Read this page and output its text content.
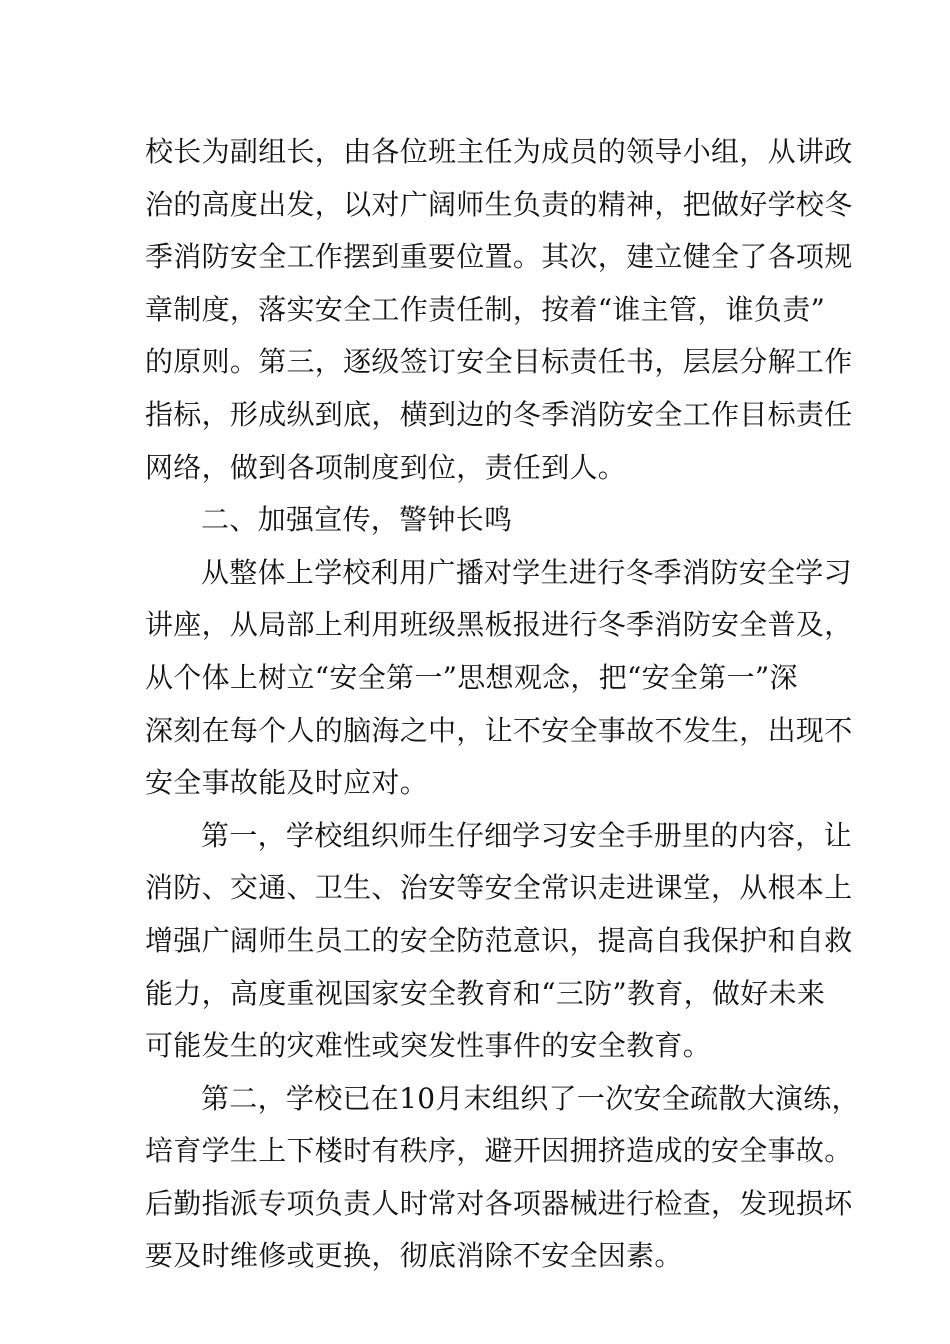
校长为副组长，由各位班主任为成员的领导小组，从讲政
治的高度出发，以对广阔师生负责的精神，把做好学校冬
季消防安全工作摆到重要位置。其次，建立健全了各项规
章制度，落实安全工作责任制，按着“谁主管，谁负责”
的原则。第三，逐级签订安全目标责任书，层层分解工作
指标，形成纵到底，横到边的冬季消防安全工作目标责任
网络，做到各项制度到位，责任到人。
二、加强宣传，警钟长鸣
从整体上学校利用广播对学生进行冬季消防安全学习
讲座，从局部上利用班级黑板报进行冬季消防安全普及，
从个体上树立“安全第一”思想观念，把“安全第一”深
深刻在每个人的脑海之中，让不安全事故不发生，出现不
安全事故能及时应对。
第一，学校组织师生仔细学习安全手册里的内容，让
消防、交通、卫生、治安等安全常识走进课堂，从根本上
增强广阔师生员工的安全防范意识，提高自我保护和自救
能力，高度重视国家安全教育和“三防”教育，做好未来
可能发生的灾难性或突发性事件的安全教育。
第二，学校已在10月末组织了一次安全疏散大演练，
培育学生上下楼时有秩序，避开因拥挤造成的安全事故。
后勤指派专项负责人时常对各项器械进行检查，发现损坏
要及时维修或更换，彻底消除不安全因素。
